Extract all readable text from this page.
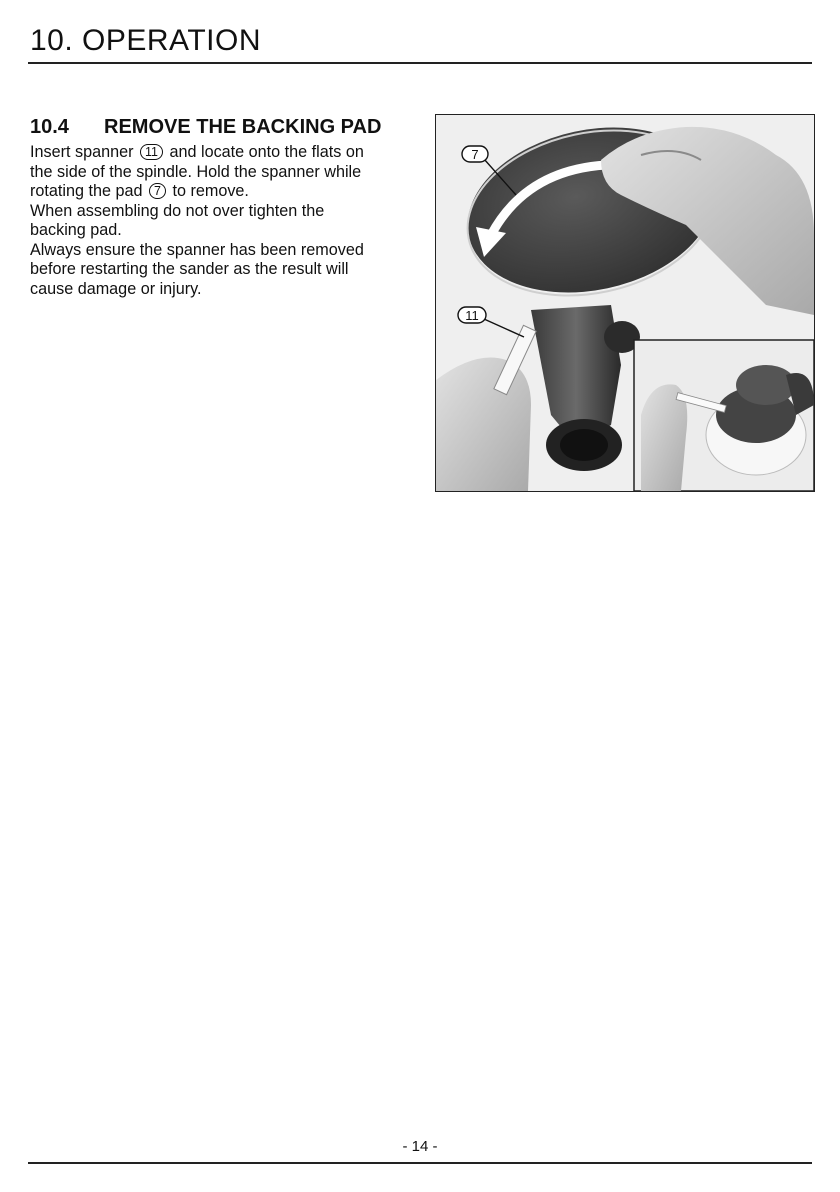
10. OPERATION
10.4 REMOVE THE BACKING PAD
Insert spanner 11 and locate onto the flats on
the side of the spindle. Hold the spanner while
rotating the pad 7 to remove.
When assembling do not over tighten the
backing pad.
Always ensure the spanner has been removed
before restarting the sander as the result will
cause damage or injury.
7
11
- 14 -
